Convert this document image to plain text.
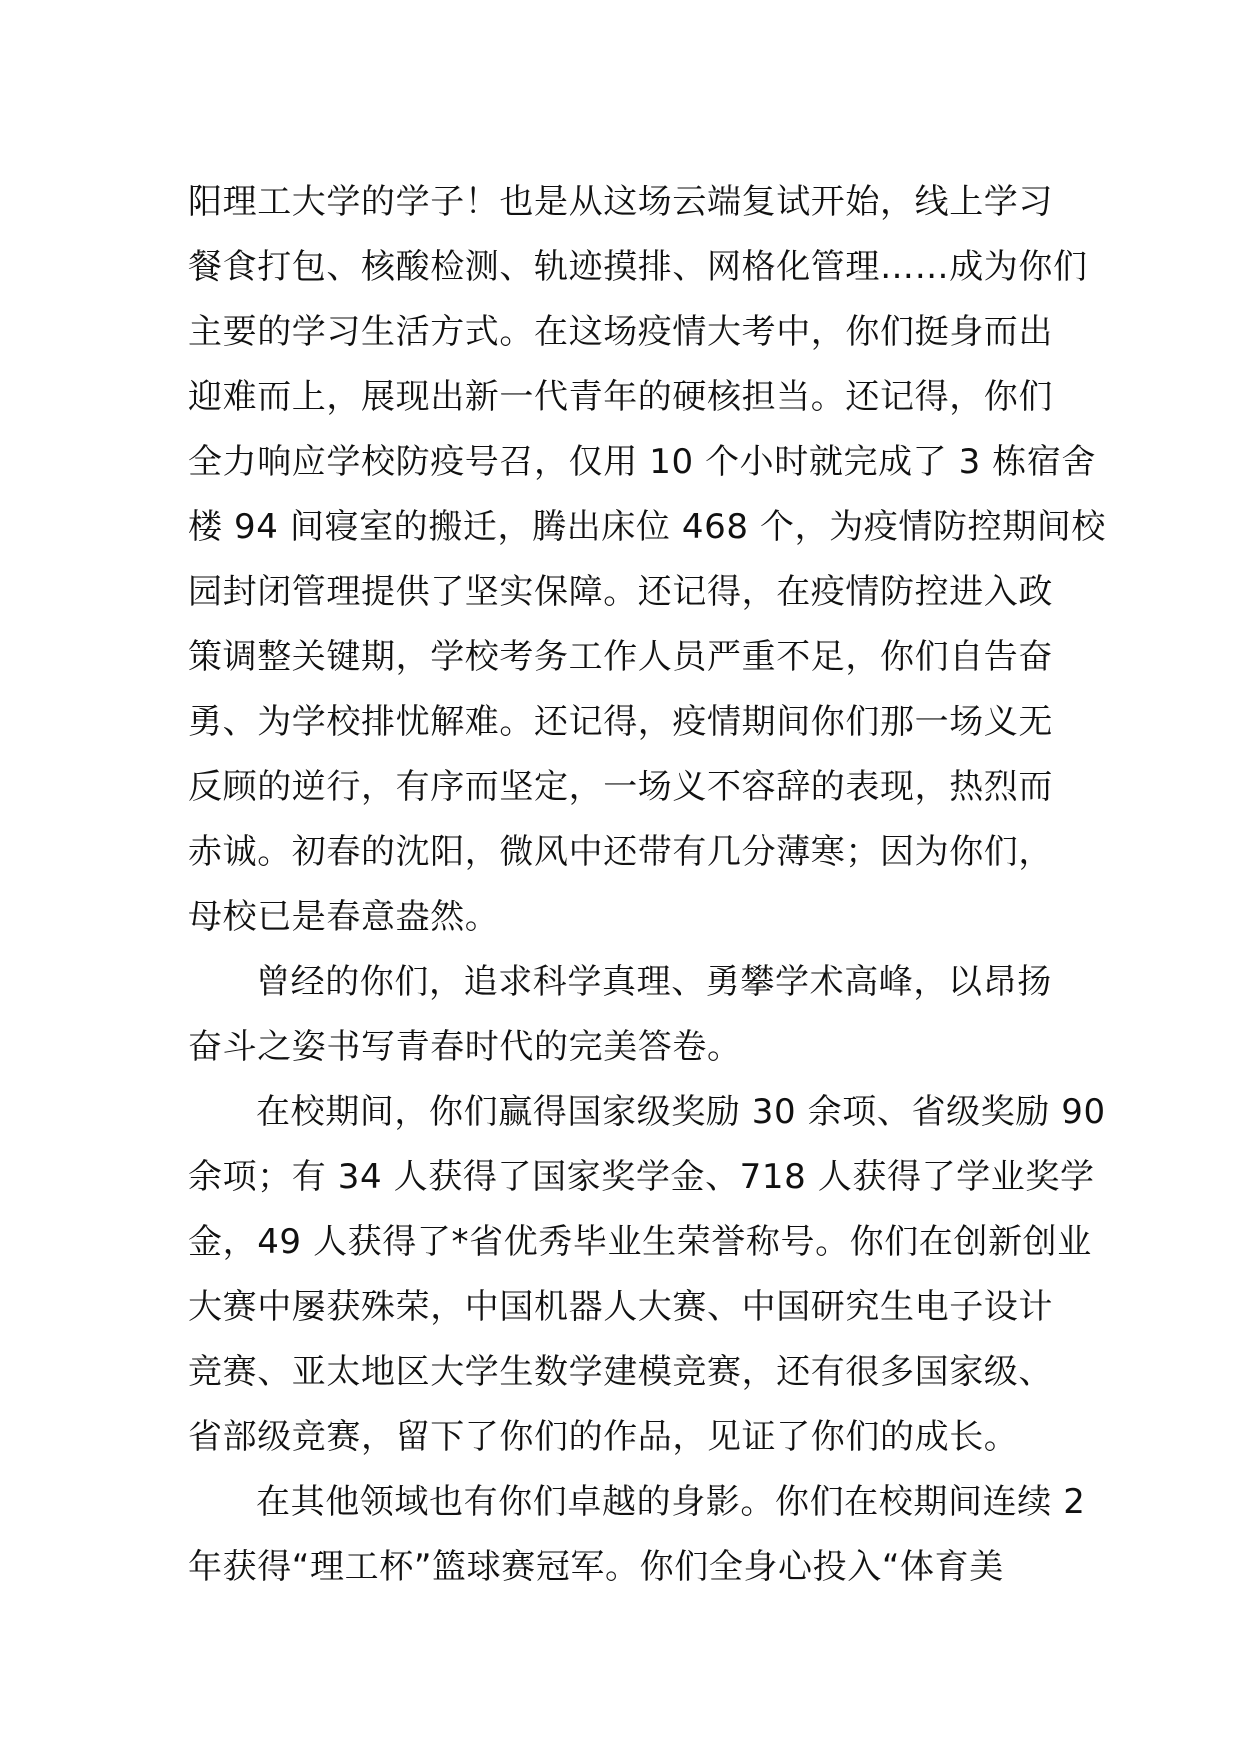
阳理工大学的学子！也是从这场云端复试开始，线上学习
餐食打包、核酸检测、轨迹摸排、网格化管理……成为你们
主要的学习生活方式。在这场疫情大考中，你们挺身而出
迎难而上，展现出新一代青年的硬核担当。还记得，你们
全力响应学校防疫号召，仅用 10 个小时就完成了 3 栋宿舍
楼 94 间寝室的搬迁，腾出床位 468 个，为疫情防控期间校
园封闭管理提供了坚实保障。还记得，在疫情防控进入政
策调整关键期，学校考务工作人员严重不足，你们自告奋
勇、为学校排忧解难。还记得，疫情期间你们那一场义无
反顾的逆行，有序而坚定，一场义不容辞的表现，热烈而
赤诚。初春的沈阳，微风中还带有几分薄寒；因为你们，
母校已是春意盎然。
曾经的你们，追求科学真理、勇攀学术高峰，以昂扬
奋斗之姿书写青春时代的完美答卷。
在校期间，你们赢得国家级奖励 30 余项、省级奖励 90
余项；有 34 人获得了国家奖学金、718 人获得了学业奖学
金，49 人获得了*省优秀毕业生荣誉称号。你们在创新创业
大赛中屡获殊荣，中国机器人大赛、中国研究生电子设计
竞赛、亚太地区大学生数学建模竞赛，还有很多国家级、
省部级竞赛，留下了你们的作品，见证了你们的成长。
在其他领域也有你们卓越的身影。你们在校期间连续 2
年获得“理工杯”篮球赛冠军。你们全身心投入“体育美
